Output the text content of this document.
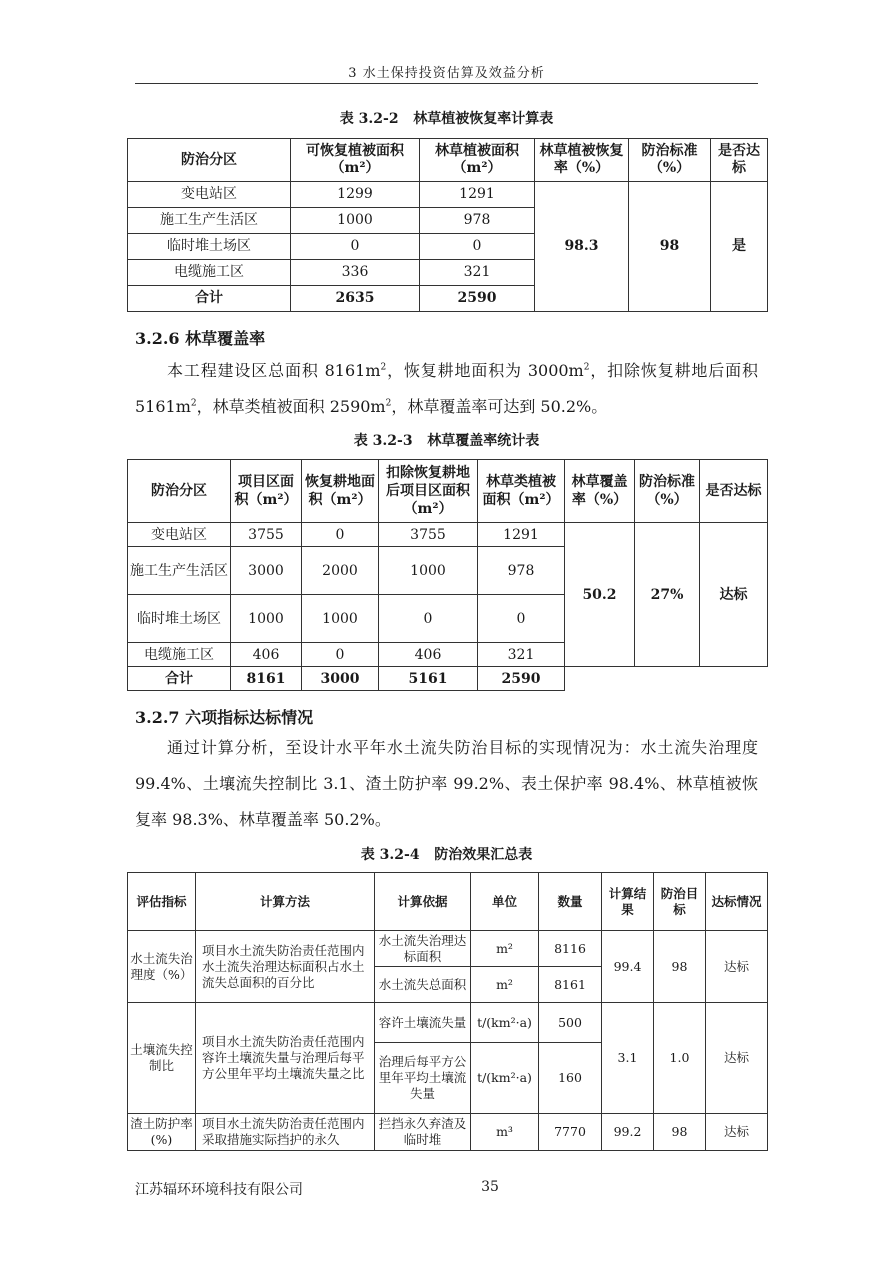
3 水土保持投资估算及效益分析
表 3.2-2   林草植被恢复率计算表
防治分区	可恢复植被面积（m²）	林草植被面积（m²）	林草植被恢复率（%）	防治标准（%）	是否达标
变电站区	1299	1291	98.3	98	是
施工生产生活区	1000	978			
临时堆土场区	0	0			
电缆施工区	336	321			
合计	2635	2590			
3.2.6 林草覆盖率

本工程建设区总面积 $8161m^2$，恢复耕地面积为 $3000m^2$，扣除恢复耕地后面积 $5161m^2$，林草类植被面积 $2590m^2$，林草覆盖率可达到 50.2%。

表 3.2-3   林草覆盖率统计表
防治分区	项目区面积（m²）	恢复耕地面积（m²）	扣除恢复耕地后项目区面积（m²）	林草类植被面积（m²）	林草覆盖率（%）	防治标准（%）	是否达标
变电站区	3755	0	3755	1291	50.2	27%	达标
施工生产生活区	3000	2000	1000	978			
临时堆土场区	1000	1000	0	0			
电缆施工区	406	0	406	321			
合计	8161	3000	5161	2590			
3.2.7 六项指标达标情况

通过计算分析，至设计水平年水土流失防治目标的实现情况为：水土流失治理度 99.4%、土壤流失控制比 3.1、渣土防护率 99.2%、表土保护率 98.4%、林草植被恢复率 98.3%、林草覆盖率 50.2%。

表 3.2-4   防治效果汇总表
评估指标	计算方法	计算依据	单位	数量	计算结果	防治目标	达标情况
水土流失治理度（%）	项目水土流失防治责任范围内水土流失治理达标面积占水土流失总面积的百分比	水土流失治理达标面积	m²	8116	99.4	98	达标
		水土流失总面积	m²	8161			
土壤流失控制比	项目水土流失防治责任范围内容许土壤流失量与治理后每平方公里年平均土壤流失量之比	容许土壤流失量	t/(km²·a)	500	3.1	1.0	达标
		治理后每平方公里年平均土壤流失量	t/(km²·a)	160			
渣土防护率(%)	项目水土流失防治责任范围内采取措施实际挡护的永久	拦挡永久弃渣及临时堆	m³	7770	99.2	98	达标
江苏辐环环境科技有限公司	35
